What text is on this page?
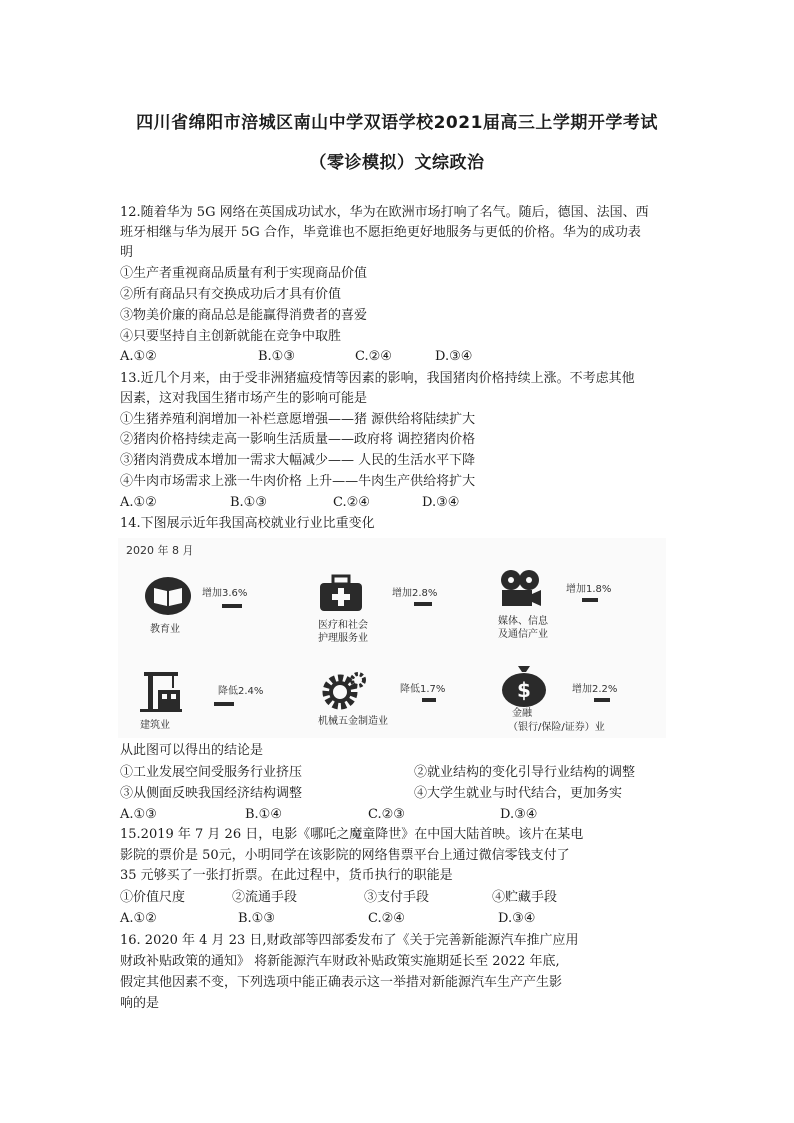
四川省绵阳市涪城区南山中学双语学校2021届高三上学期开学考试
（零诊模拟）文综政治
12.随着华为 5G 网络在英国成功试水，华为在欧洲市场打响了名气。随后，德国、法国、西
班牙相继与华为展开 5G 合作，毕竟谁也不愿拒绝更好地服务与更低的价格。华为的成功表
明
①生产者重视商品质量有利于实现商品价值
②所有商品只有交换成功后才具有价值
③物美价廉的商品总是能赢得消费者的喜爱
④只要坚持自主创新就能在竞争中取胜
A.①②	B.①③	C.②④	D.③④
13.近几个月来，由于受非洲猪瘟疫情等因素的影响，我国猪肉价格持续上涨。不考虑其他
因素，这对我国生猪市场产生的影响可能是
①生猪养殖利润增加一补栏意愿增强——猪 源供给将陆续扩大
②猪肉价格持续走高一影响生活质量——政府将 调控猪肉价格
③猪肉消费成本增加一需求大幅减少—— 人民的生活水平下降
④牛肉市场需求上涨一牛肉价格 上升——牛肉生产供给将扩大
A.①②	B.①③	C.②④	D.③④
14.下图展示近年我国高校就业行业比重变化
2020 年 8 月
增加3.6%
教育业
增加2.8%
医疗和社会
护理服务业
增加1.8%
媒体、信息
及通信产业
降低2.4%
建筑业
降低1.7%
机械五金制造业
$	增加2.2%
金融
（银行/保险/证券）业
从此图可以得出的结论是
①工业发展空间受服务行业挤压	②就业结构的变化引导行业结构的调整
③从侧面反映我国经济结构调整	④大学生就业与时代结合，更加务实
A.①③	B.①④	C.②③	D.③④
15.2019 年 7 月 26 日，电影《哪吒之魔童降世》在中国大陆首映。该片在某电
影院的票价是 50元，小明同学在该影院的网络售票平台上通过微信零钱支付了
35 元够买了一张打折票。在此过程中，货币执行的职能是
①价值尺度	②流通手段	③支付手段	④贮藏手段
A.①②	B.①③	C.②④	D.③④
16. 2020 年 4 月 23 日,财政部等四部委发布了《关于完善新能源汽车推广应用
财政补贴政策的通知》 将新能源汽车财政补贴政策实施期延长至 2022 年底,
假定其他因素不变，下列选项中能正确表示这一举措对新能源汽车生产产生影
响的是
